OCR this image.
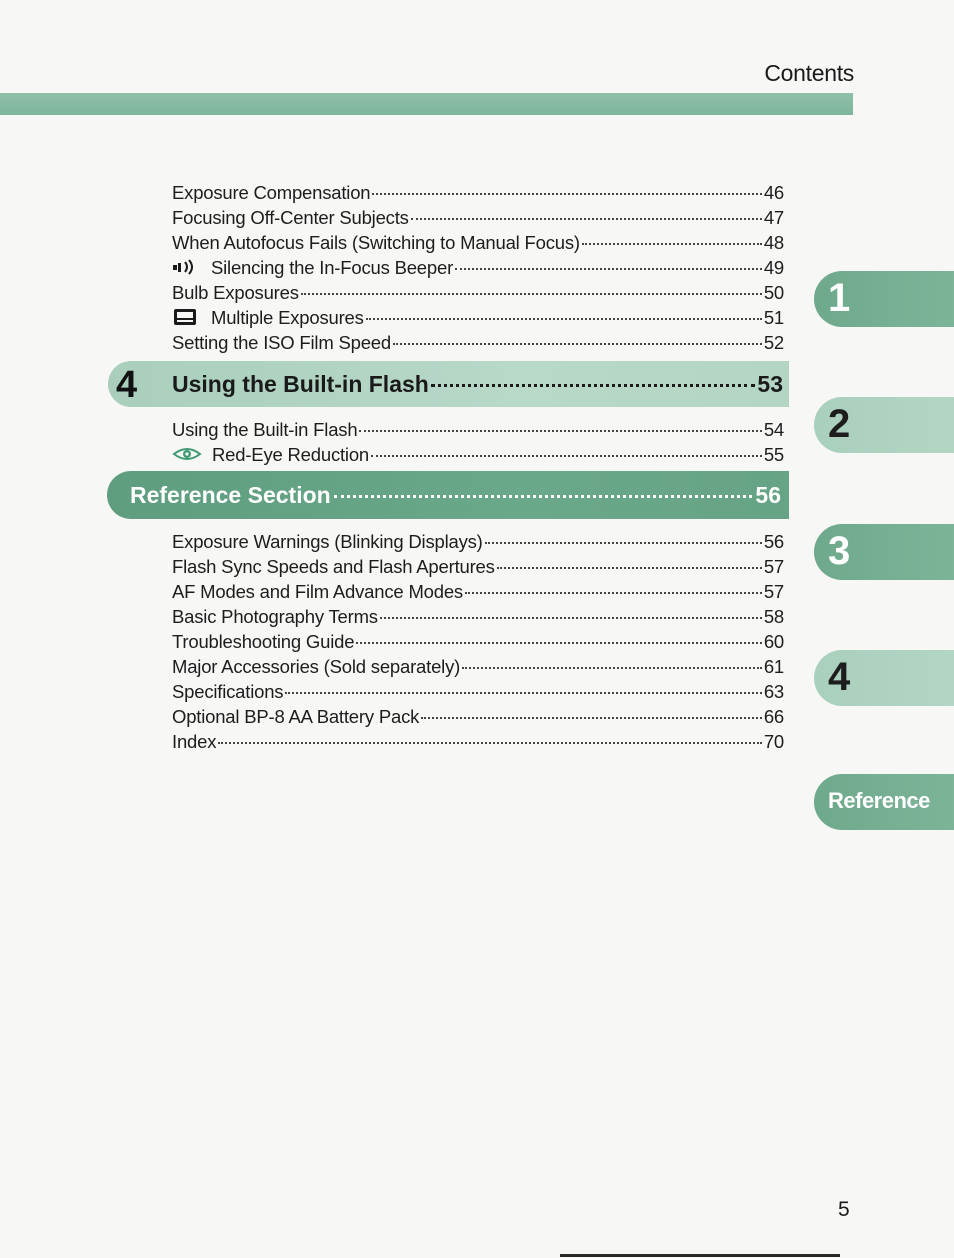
Contents
Exposure Compensation	46
Focusing Off-Center Subjects	47
When Autofocus Fails (Switching to Manual Focus)	48
Silencing the In-Focus Beeper	49
Bulb Exposures	50
Multiple Exposures	51
Setting the ISO Film Speed	52
4 Using the Built-in Flash	53
Using the Built-in Flash	54
Red-Eye Reduction	55
Reference Section	56
Exposure Warnings (Blinking Displays)	56
Flash Sync Speeds and Flash Apertures	57
AF Modes and Film Advance Modes	57
Basic Photography Terms	58
Troubleshooting Guide	60
Major Accessories (Sold separately)	61
Specifications	63
Optional BP-8 AA Battery Pack	66
Index	70
1
2
3
4
Reference
5
